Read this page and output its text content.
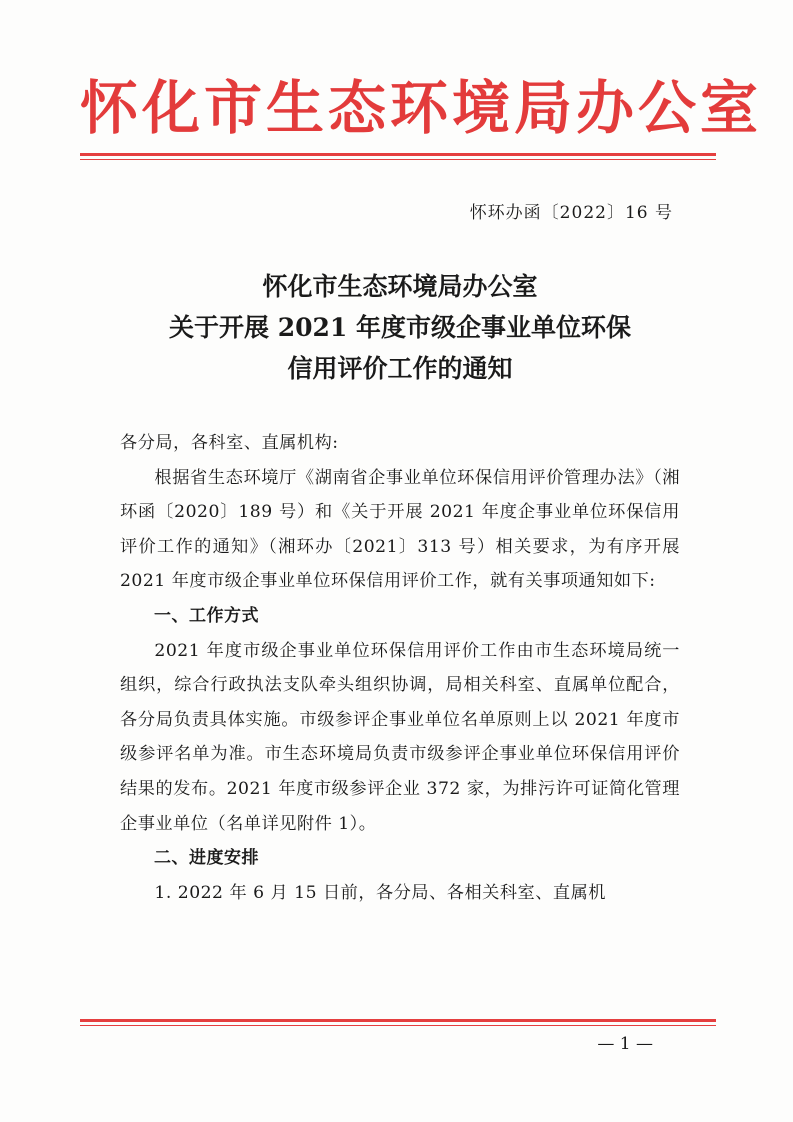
怀化市生态环境局办公室
怀环办函〔2022〕16 号
怀化市生态环境局办公室
关于开展 2021 年度市级企事业单位环保
信用评价工作的通知

各分局，各科室、直属机构:

根据省生态环境厅《湖南省企事业单位环保信用评价管理办法》（湘环函〔2020〕189 号）和《关于开展 2021 年度企事业单位环保信用评价工作的通知》（湘环办〔2021〕313 号）相关要求，为有序开展 2021 年度市级企事业单位环保信用评价工作，就有关事项通知如下:

一、工作方式

2021 年度市级企事业单位环保信用评价工作由市生态环境局统一组织，综合行政执法支队牵头组织协调，局相关科室、直属单位配合，各分局负责具体实施。市级参评企事业单位名单原则上以 2021 年度市级参评名单为准。市生态环境局负责市级参评企事业单位环保信用评价结果的发布。2021 年度市级参评企业 372 家，为排污许可证简化管理企事业单位（名单详见附件 1）。

二、进度安排

1. 2022 年 6 月 15 日前，各分局、各相关科室、直属机

— 1 —
